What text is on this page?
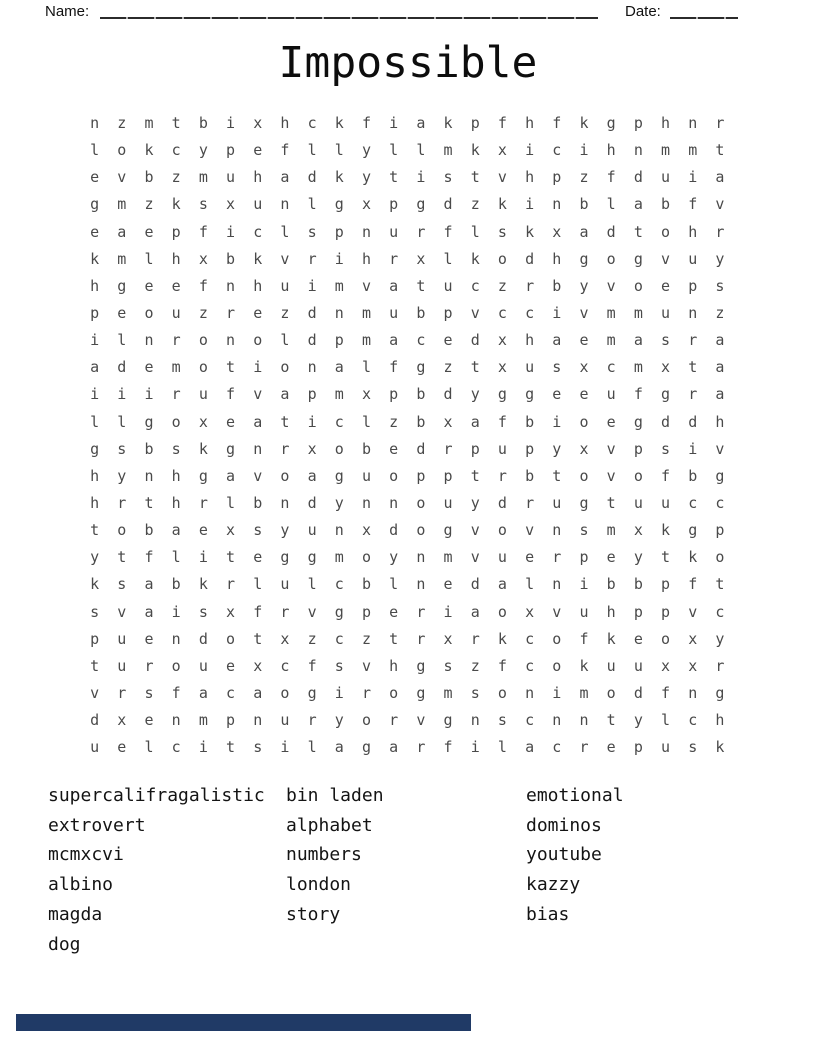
Name:	Date:
Impossible
n	z	m	t	b	i	x	h	c	k	f	i	a	k	p	f	h	f	k	g	p	h	n	r
l	o	k	c	y	p	e	f	l	l	y	l	l	m	k	x	i	c	i	h	n	m	m	t
e	v	b	z	m	u	h	a	d	k	y	t	i	s	t	v	h	p	z	f	d	u	i	a
g	m	z	k	s	x	u	n	l	g	x	p	g	d	z	k	i	n	b	l	a	b	f	v
e	a	e	p	f	i	c	l	s	p	n	u	r	f	l	s	k	x	a	d	t	o	h	r
k	m	l	h	x	b	k	v	r	i	h	r	x	l	k	o	d	h	g	o	g	v	u	y
h	g	e	e	f	n	h	u	i	m	v	a	t	u	c	z	r	b	y	v	o	e	p	s
p	e	o	u	z	r	e	z	d	n	m	u	b	p	v	c	c	i	v	m	m	u	n	z
i	l	n	r	o	n	o	l	d	p	m	a	c	e	d	x	h	a	e	m	a	s	r	a
a	d	e	m	o	t	i	o	n	a	l	f	g	z	t	x	u	s	x	c	m	x	t	a
i	i	i	r	u	f	v	a	p	m	x	p	b	d	y	g	g	e	e	u	f	g	r	a
l	l	g	o	x	e	a	t	i	c	l	z	b	x	a	f	b	i	o	e	g	d	d	h
g	s	b	s	k	g	n	r	x	o	b	e	d	r	p	u	p	y	x	v	p	s	i	v
h	y	n	h	g	a	v	o	a	g	u	o	p	p	t	r	b	t	o	v	o	f	b	g
h	r	t	h	r	l	b	n	d	y	n	n	o	u	y	d	r	u	g	t	u	u	c	c
t	o	b	a	e	x	s	y	u	n	x	d	o	g	v	o	v	n	s	m	x	k	g	p
y	t	f	l	i	t	e	g	g	m	o	y	n	m	v	u	e	r	p	e	y	t	k	o
k	s	a	b	k	r	l	u	l	c	b	l	n	e	d	a	l	n	i	b	b	p	f	t
s	v	a	i	s	x	f	r	v	g	p	e	r	i	a	o	x	v	u	h	p	p	v	c
p	u	e	n	d	o	t	x	z	c	z	t	r	x	r	k	c	o	f	k	e	o	x	y
t	u	r	o	u	e	x	c	f	s	v	h	g	s	z	f	c	o	k	u	u	x	x	r
v	r	s	f	a	c	a	o	g	i	r	o	g	m	s	o	n	i	m	o	d	f	n	g
d	x	e	n	m	p	n	u	r	y	o	r	v	g	n	s	c	n	n	t	y	l	c	h
u	e	l	c	i	t	s	i	l	a	g	a	r	f	i	l	a	c	r	e	p	u	s	k
supercalifragalistic
extrovert
mcmxcvi
albino
magda
dog
bin laden
alphabet
numbers
london
story
emotional
dominos
youtube
kazzy
bias
